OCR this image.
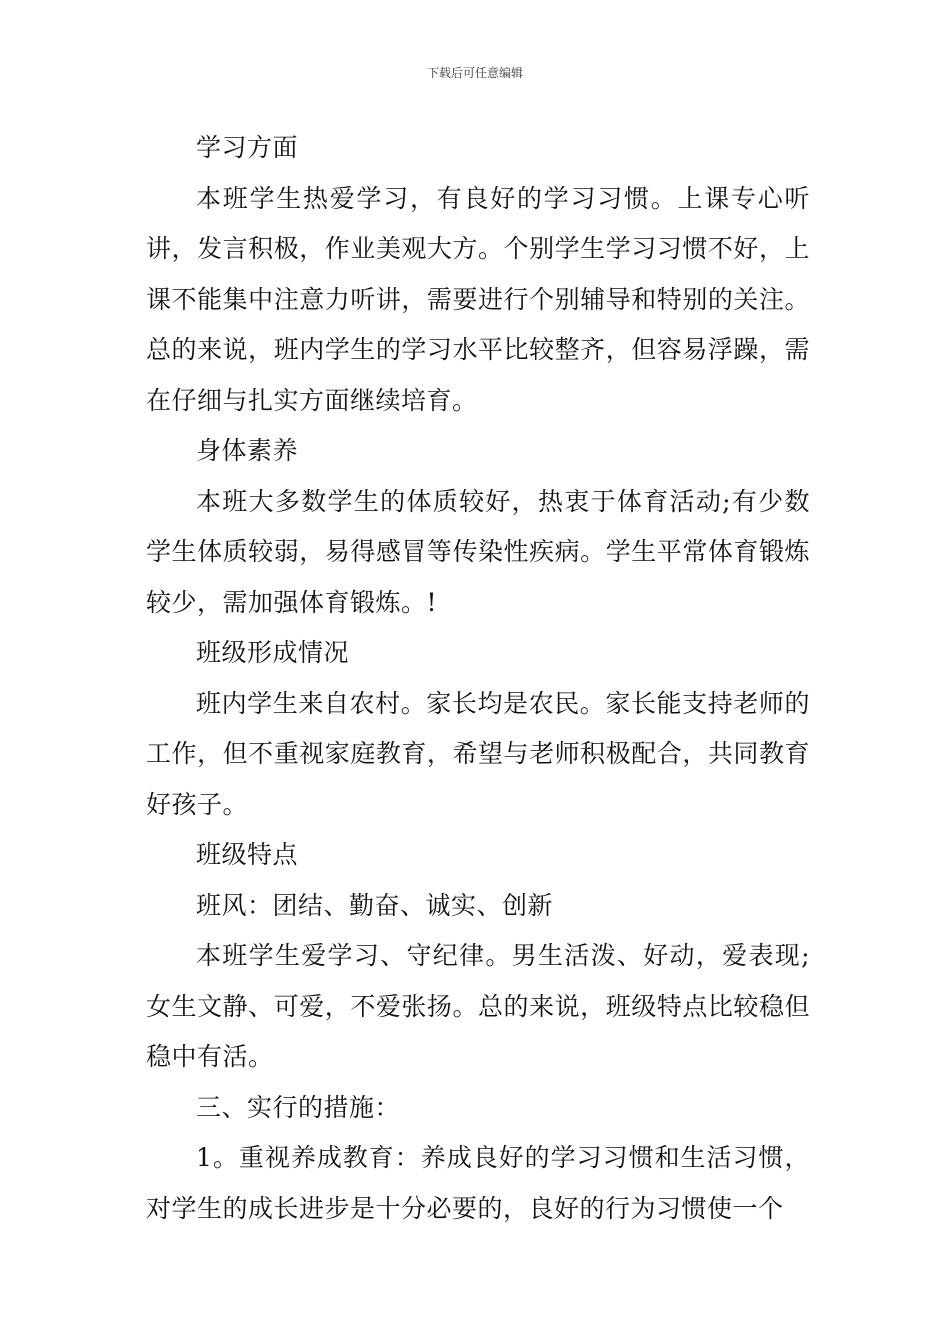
下载后可任意编辑

学习方面

本班学生热爱学习，有良好的学习习惯。上课专心听讲，发言积极，作业美观大方。个别学生学习习惯不好，上课不能集中注意力听讲，需要进行个别辅导和特别的关注。总的来说，班内学生的学习水平比较整齐，但容易浮躁，需在仔细与扎实方面继续培育。

身体素养

本班大多数学生的体质较好，热衷于体育活动;有少数学生体质较弱，易得感冒等传染性疾病。学生平常体育锻炼较少，需加强体育锻炼。!

班级形成情况

班内学生来自农村。家长均是农民。家长能支持老师的工作，但不重视家庭教育，希望与老师积极配合，共同教育好孩子。

班级特点

班风：团结、勤奋、诚实、创新

本班学生爱学习、守纪律。男生活泼、好动，爱表现;女生文静、可爱，不爱张扬。总的来说，班级特点比较稳但稳中有活。

三、实行的措施：

1。重视养成教育：养成良好的学习习惯和生活习惯，对学生的成长进步是十分必要的，良好的行为习惯使一个
